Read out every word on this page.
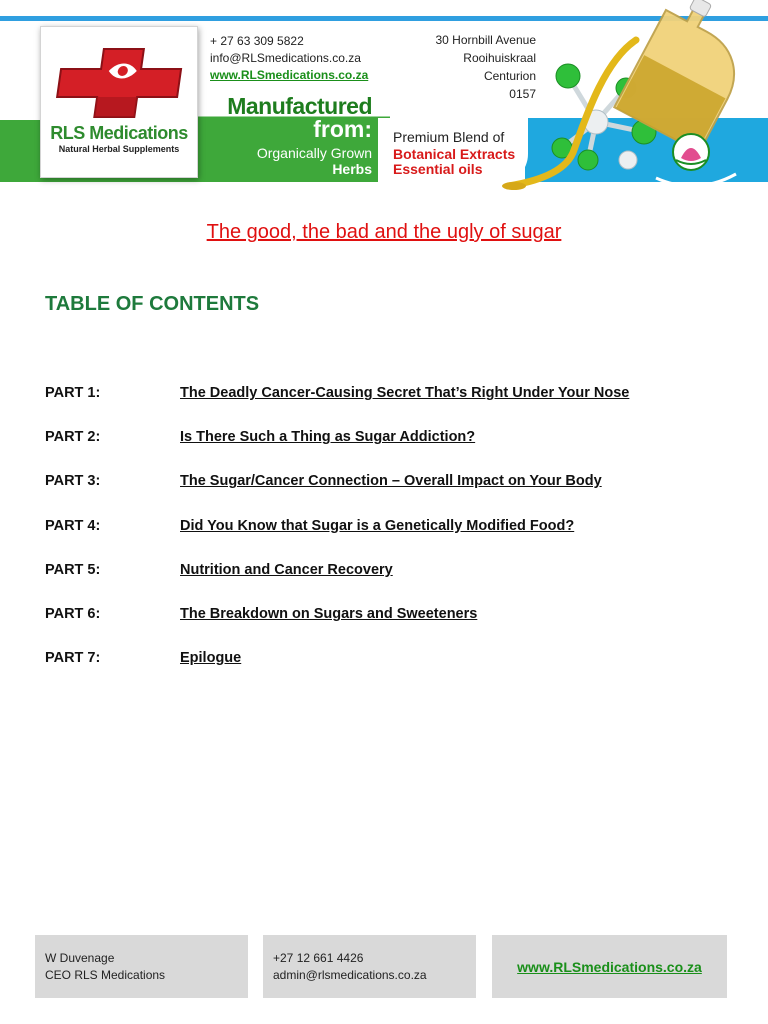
RLS Medications
Natural Herbal Supplements
+ 27 63 309 5822
info@RLSmedications.co.za
www.RLSmedications.co.za
30 Hornbill Avenue
Rooihuiskraal
Centurion
0157
Manufactured
from:
Organically Grown
Herbs
Premium Blend of
Botanical Extracts
Essential oils
The good, the bad and the ugly of sugar
TABLE OF CONTENTS
PART 1:	The Deadly Cancer-Causing Secret That’s Right Under Your Nose
PART 2:	Is There Such a Thing as Sugar Addiction?
PART 3:	The Sugar/Cancer Connection – Overall Impact on Your Body
PART 4:	Did You Know that Sugar is a Genetically Modified Food?
PART 5:	Nutrition and Cancer Recovery
PART 6:	The Breakdown on Sugars and Sweeteners
PART 7:	Epilogue
W Duvenage
CEO RLS Medications
+27 12 661 4426
admin@rlsmedications.co.za
www.RLSmedications.co.za
